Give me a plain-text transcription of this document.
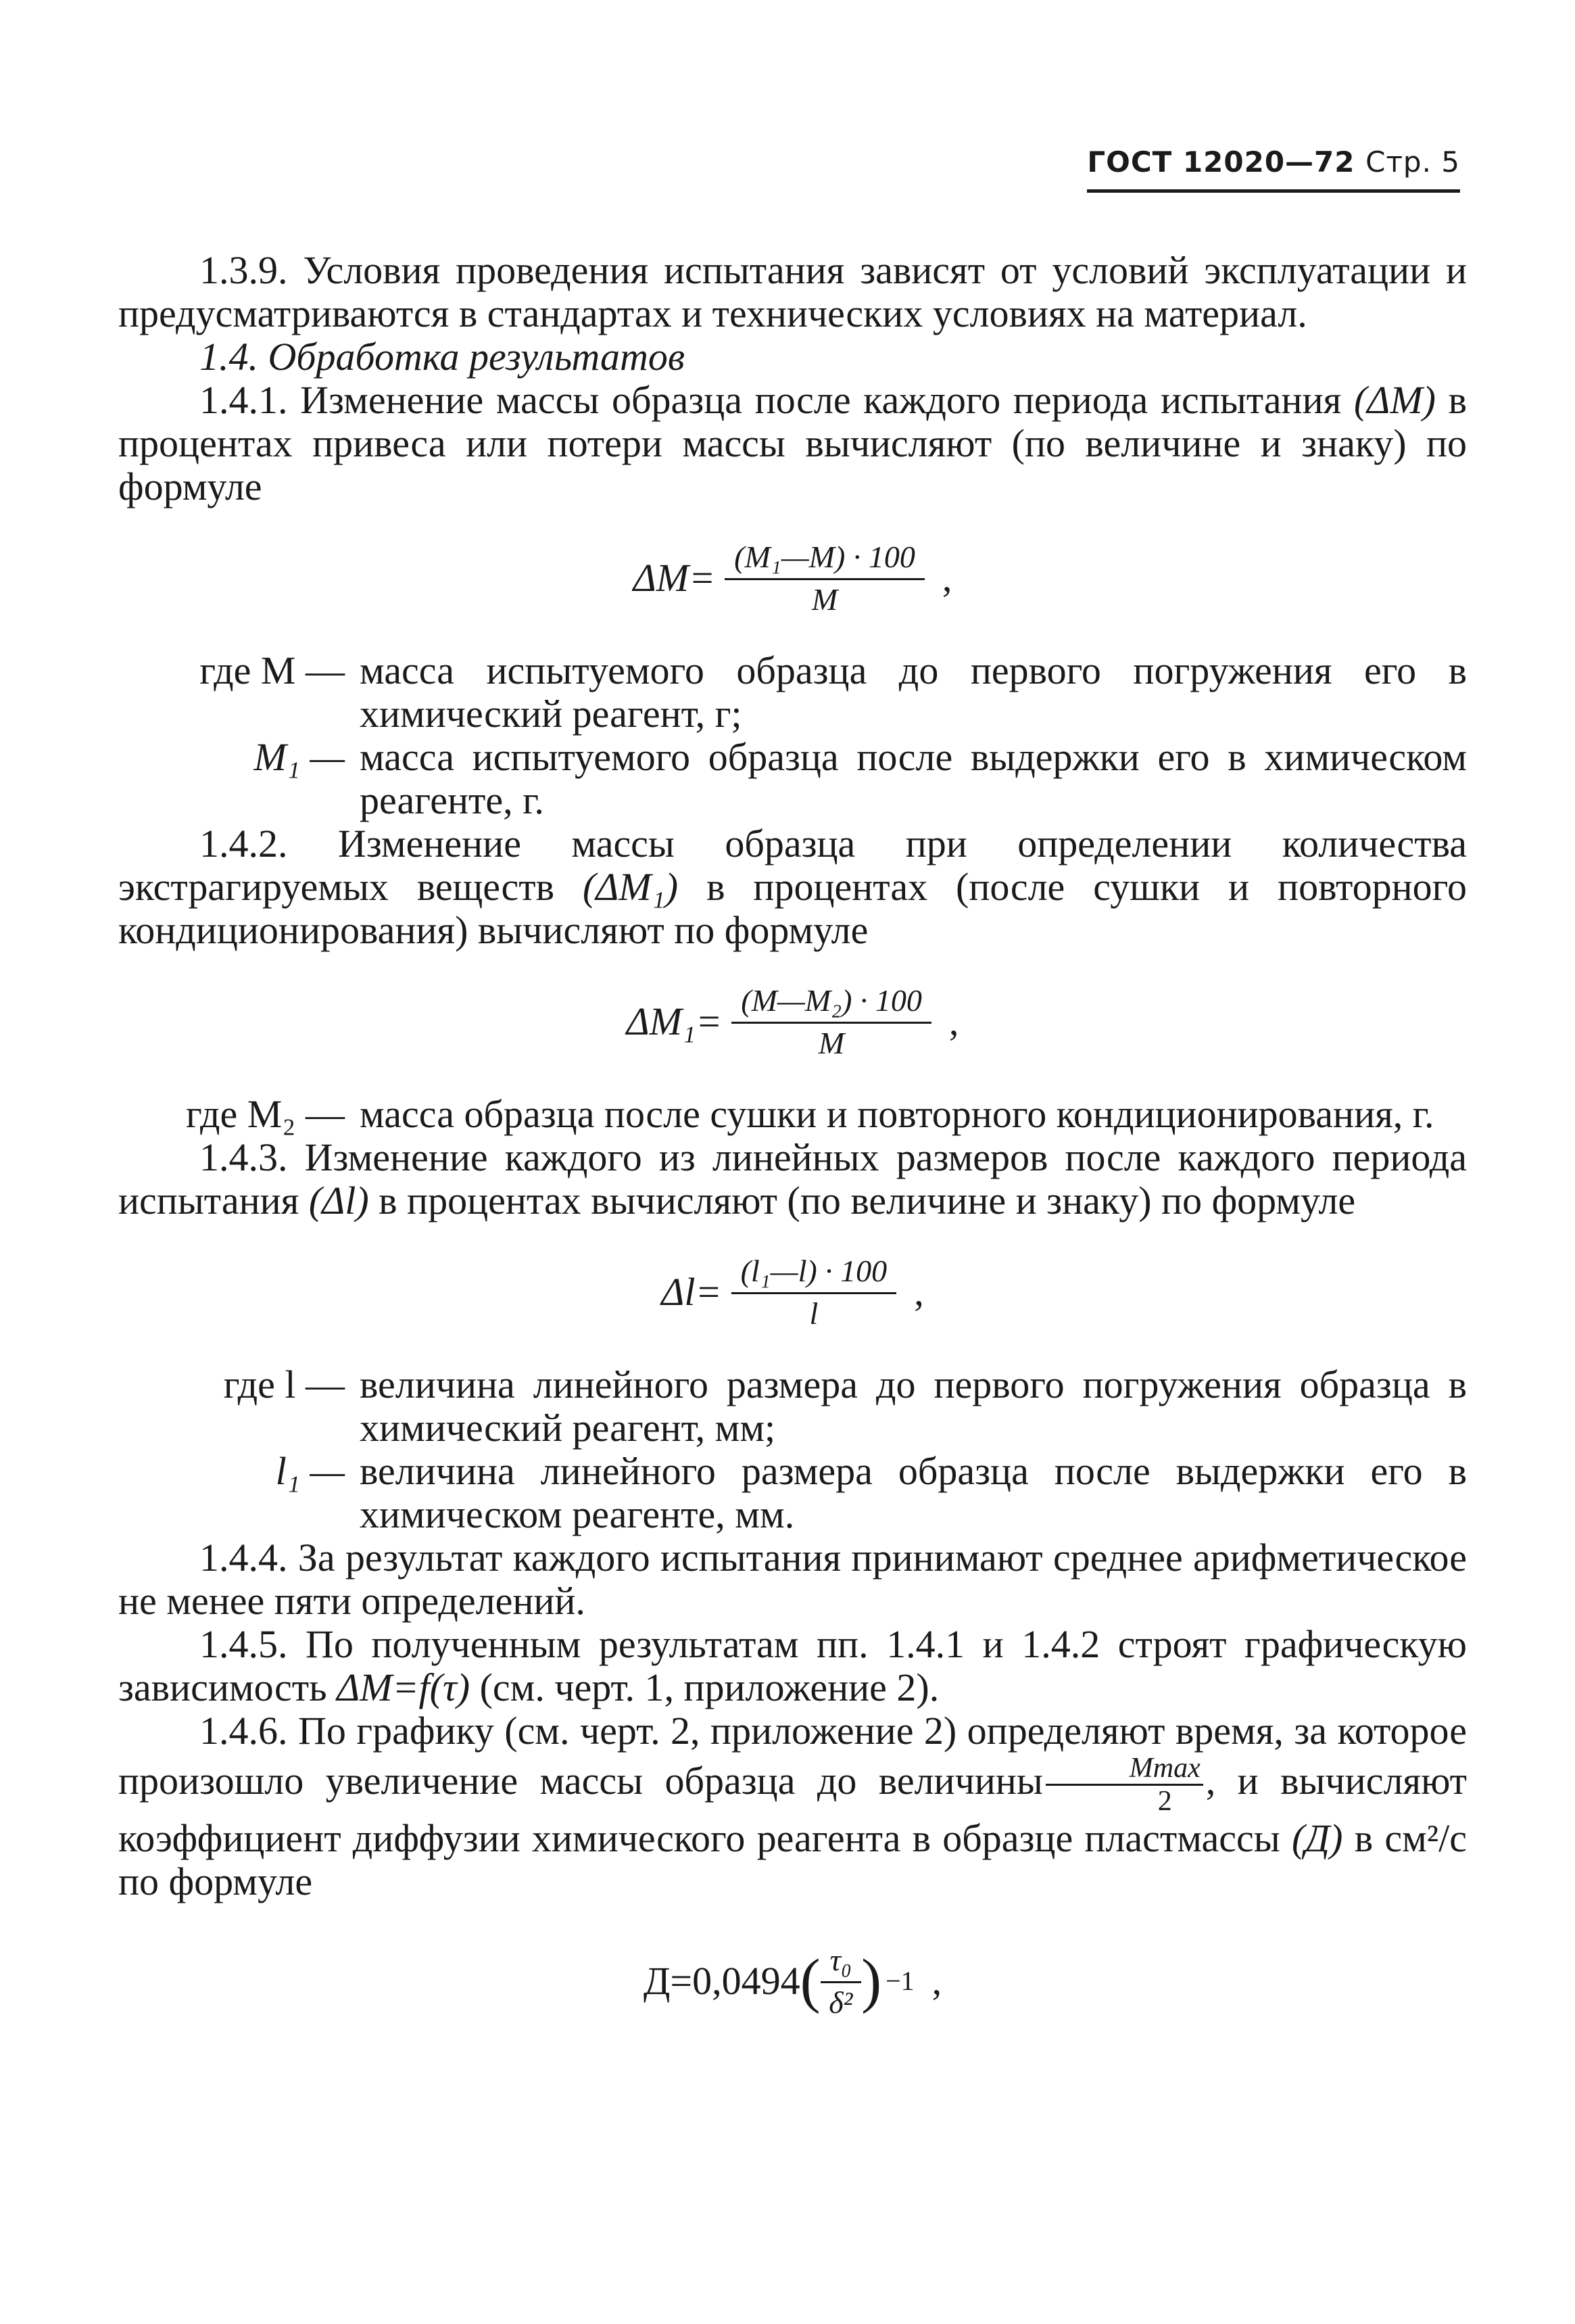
ГОСТ 12020—72 Стр. 5

1.3.9. Условия проведения испытания зависят от условий эксплуатации и предусматриваются в стандартах и технических условиях на материал.

1.4. Обработка результатов

1.4.1. Изменение массы образца после каждого периода испытания (ΔМ) в процентах привеса или потери массы вычисляют (по величине и знаку) по формуле

$\Delta М= \frac{\text{(М₁—М) · 100}}{М}$ ,
где М — масса испытуемого образца до первого погружения его в химический реагент, г;
М₁ — масса испытуемого образца после выдержки его в химическом реагенте, г.

1.4.2. Изменение массы образца при определении количества экстрагируемых веществ (ΔМ₁) в процентах (после сушки и повторного кондиционирования) вычисляют по формуле

$\Delta М_1= \frac{\text{(М—М₂) · 100}}{М}$ ,
где М₂ — масса образца после сушки и повторного кондиционирования, г.

1.4.3. Изменение каждого из линейных размеров после каждого периода испытания (Δl) в процентах вычисляют (по величине и знаку) по формуле

$\Delta l= \frac{\text{(l₁—l) · 100}}{l}$ ,
где l — величина линейного размера до первого погружения образца в химический реагент, мм;
l₁ — величина линейного размера образца после выдержки его в химическом реагенте, мм.

1.4.4. За результат каждого испытания принимают среднее арифметическое не менее пяти определений.

1.4.5. По полученным результатам пп. 1.4.1 и 1.4.2 строят графическую зависимость ΔМ=f(τ) (см. черт. 1, приложение 2).

1.4.6. По графику (см. черт. 2, приложение 2) определяют время, за которое произошло увеличение массы образца до величины $\frac{М\max}{2}$ , и вычисляют коэффициент диффузии химического реагента в образце пластмассы (Д) в см²/с по формуле

Д=0,0494 ( $\frac{\text{τ₀}}{\text{δ²}}$ ) −1 ,
